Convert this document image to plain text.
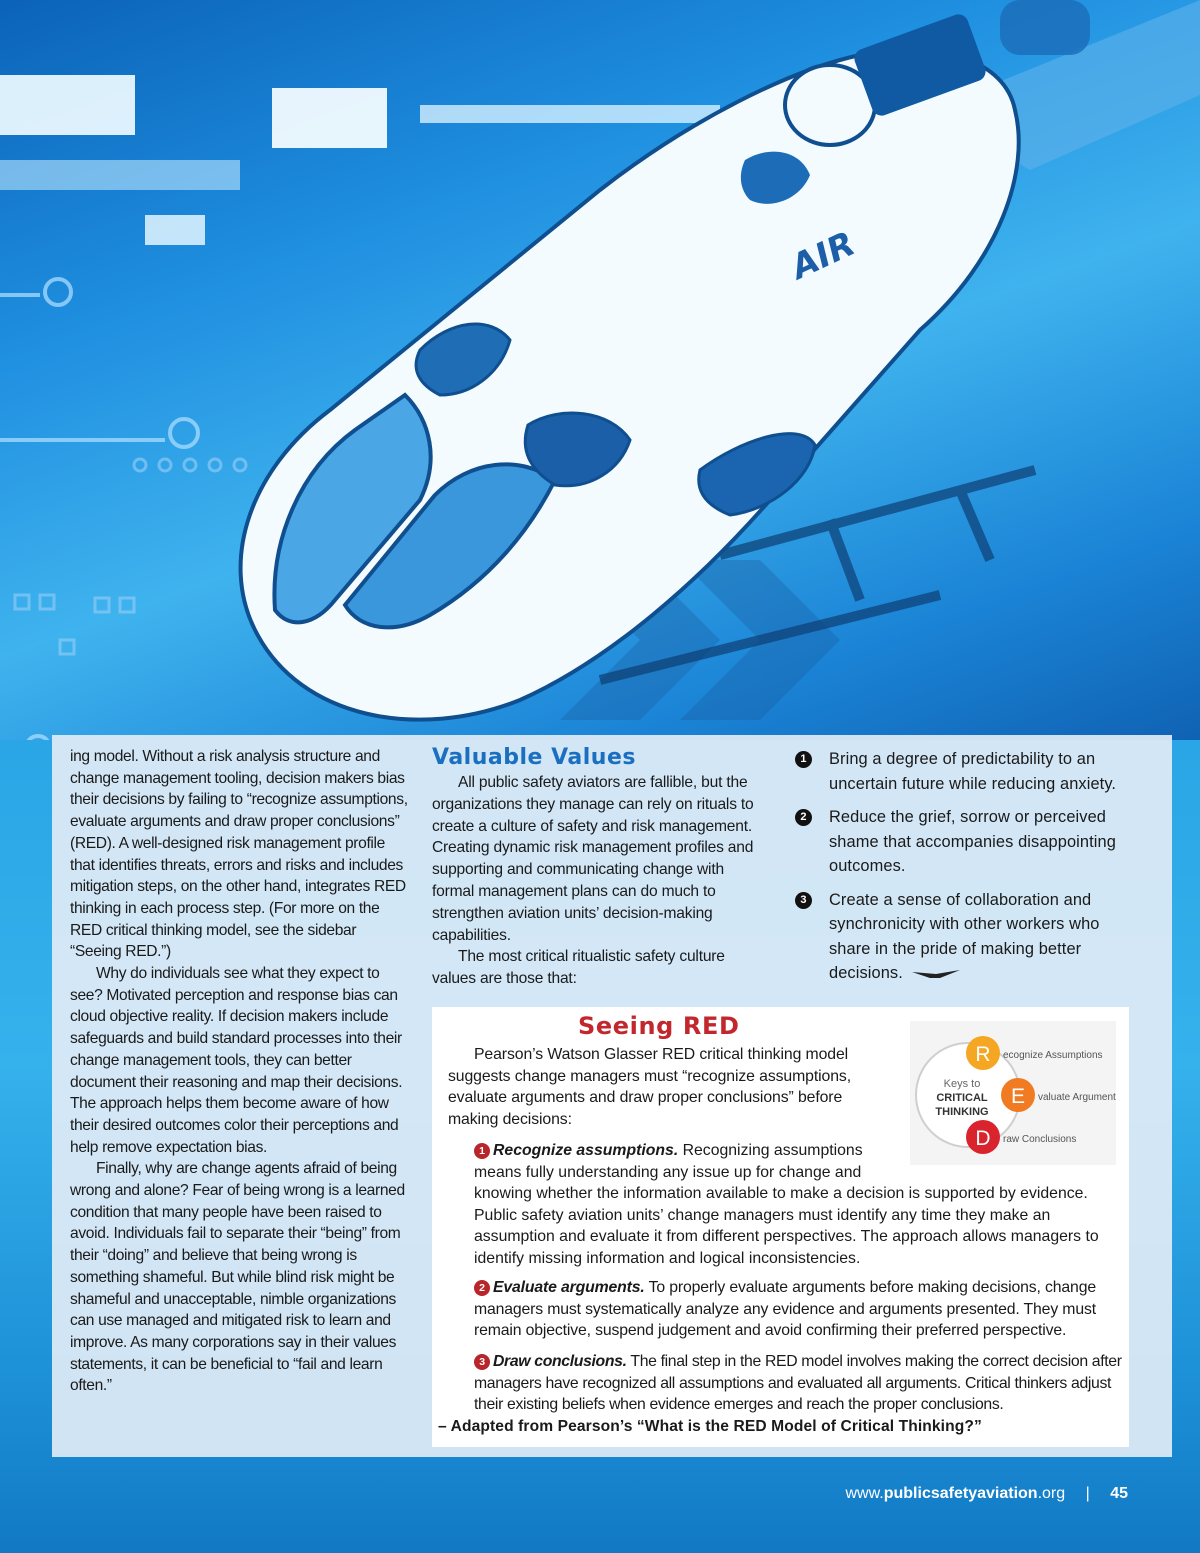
AIR

ing model. Without a risk analysis structure and change management tooling, decision makers bias their decisions by failing to “recognize assumptions, evaluate arguments and draw proper conclusions” (RED). A well-designed risk management profile that identifies threats, errors and risks and includes mitigation steps, on the other hand, integrates RED thinking in each process step. (For more on the RED critical thinking model, see the sidebar “Seeing RED.”)

Why do individuals see what they expect to see? Motivated perception and response bias can cloud objective reality. If decision makers include safeguards and build standard processes into their change management tools, they can better document their reasoning and map their decisions. The approach helps them become aware of how their desired outcomes color their perceptions and help remove expectation bias.

Finally, why are change agents afraid of being wrong and alone? Fear of being wrong is a learned condition that many people have been raised to avoid. Individuals fail to separate their “being” from their “doing” and believe that being wrong is something shameful. But while blind risk might be shameful and unacceptable, nimble organizations can use managed and mitigated risk to learn and improve. As many corporations say in their values statements, it can be beneficial to “fail and learn often.”

Valuable Values

All public safety aviators are fallible, but the organizations they manage can rely on rituals to create a culture of safety and risk management. Creating dynamic risk management profiles and supporting and communicating change with formal management plans can do much to strengthen aviation units’ decision-making capabilities.

The most critical ritualistic safety culture values are those that:

1	Bring a degree of predictability to an uncertain future while reducing anxiety.
2	Reduce the grief, sorrow or perceived shame that accompanies disappointing outcomes.
3	Create a sense of collaboration and synchronicity with other workers who share in the pride of making better decisions.
Seeing RED
Pearson’s Watson Glasser RED critical thinking model suggests change managers must “recognize assumptions, evaluate arguments and draw proper conclusions” before making decisions:
Keys to
CRITICAL
THINKING
R ecognize Assumptions
E valuate Arguments
D raw Conclusions
1 Recognize assumptions. Recognizing assumptions means fully understanding any issue up for change and
knowing whether the information available to make a decision is supported by evidence. Public safety aviation units’ change managers must identify any time they make an assumption and evaluate it from different perspectives. The approach allows managers to identify missing information and logical inconsistencies.
2 Evaluate arguments. To properly evaluate arguments before making decisions, change managers must systematically analyze any evidence and arguments presented. They must remain objective, suspend judgement and avoid confirming their preferred perspective.
3 Draw conclusions. The final step in the RED model involves making the correct decision after managers have recognized all assumptions and evaluated all arguments. Critical thinkers adjust their existing beliefs when evidence emerges and reach the proper conclusions.
– Adapted from Pearson’s “What is the RED Model of Critical Thinking?”
www.publicsafetyaviation.org | 45
